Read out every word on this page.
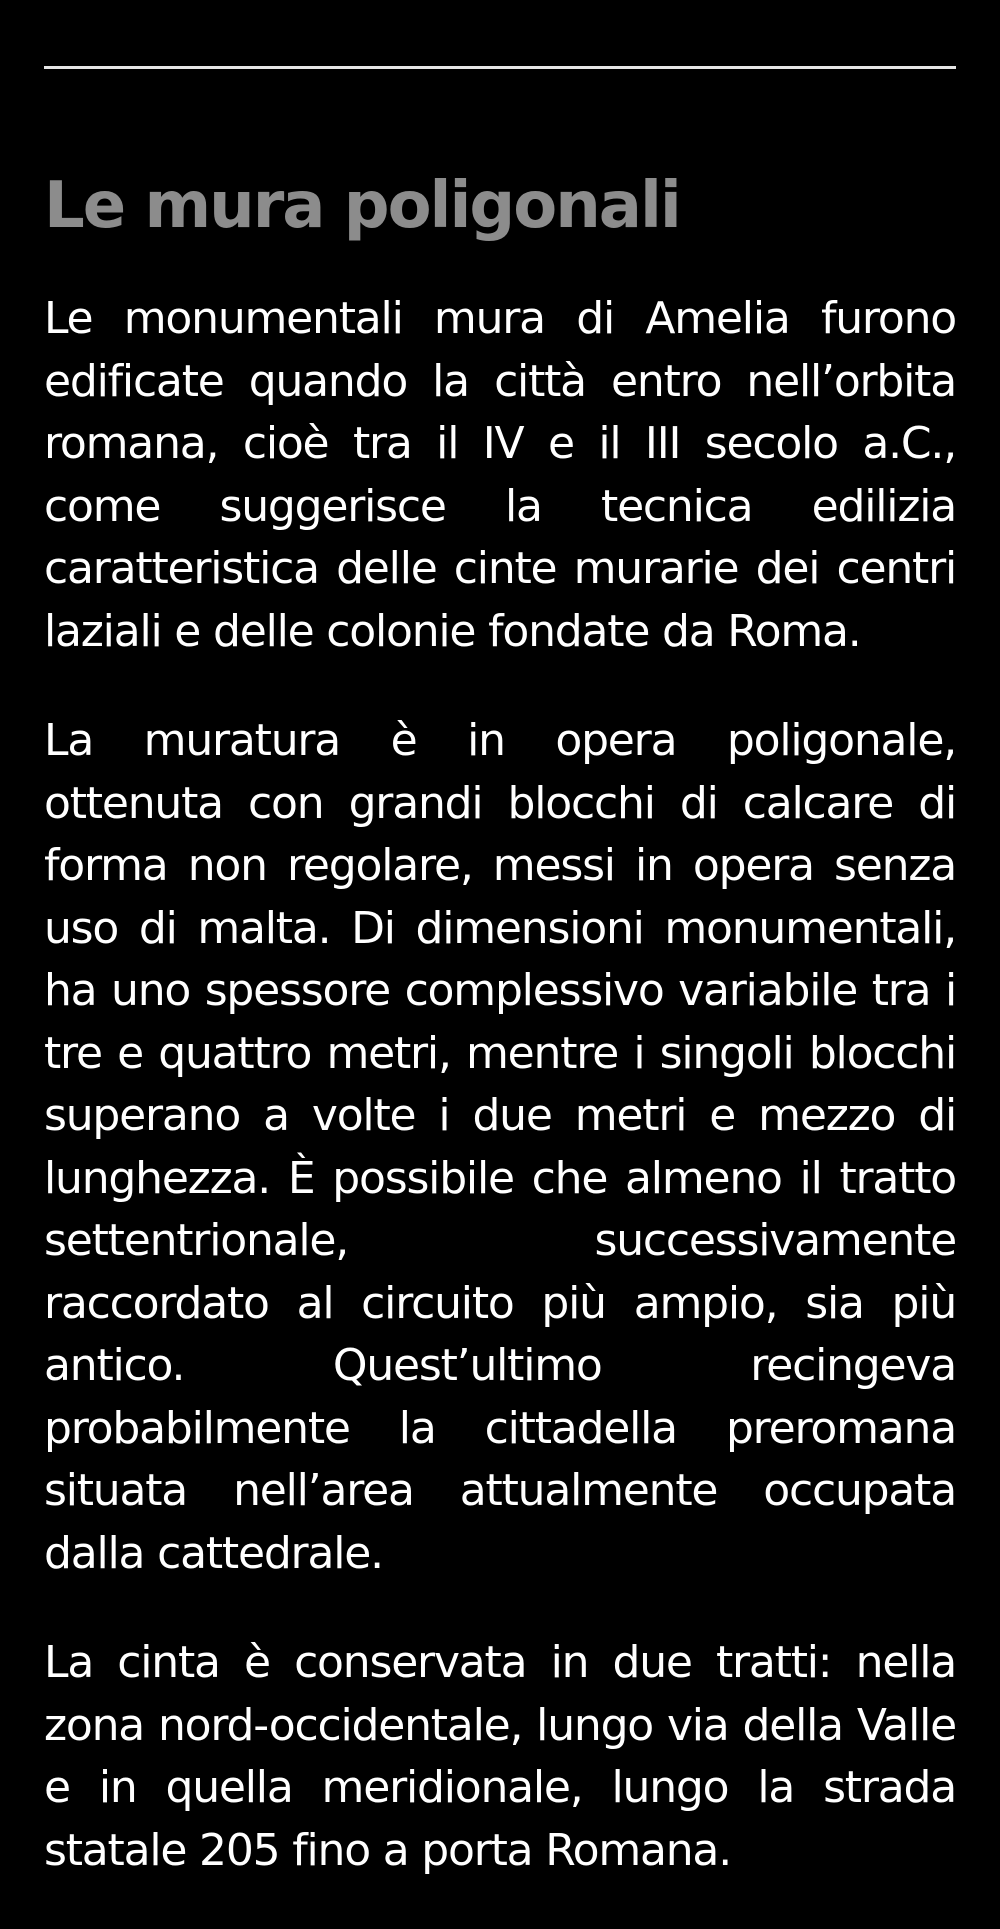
Le mura poligonali

Le monumentali mura di Amelia furono edificate quando la città entro nell’orbita romana, cioè tra il IV e il III secolo a.C., come suggerisce la tecnica edilizia caratteristica delle cinte murarie dei centri laziali e delle colonie fondate da Roma.

La muratura è in opera poligonale, ottenuta con grandi blocchi di calcare di forma non regolare, messi in opera senza uso di malta. Di dimensioni monumentali, ha uno spessore complessivo variabile tra i tre e quattro metri, mentre i singoli blocchi superano a volte i due metri e mezzo di lunghezza. È possibile che almeno il tratto settentrionale, successivamente raccordato al circuito più ampio, sia più antico. Quest’ultimo recingeva probabilmente la cittadella preromana situata nell’area attualmente occupata dalla cattedrale.

La cinta è conservata in due tratti: nella zona nord-occidentale, lungo via della Valle e in quella meridionale, lungo la strada statale 205 fino a porta Romana.
